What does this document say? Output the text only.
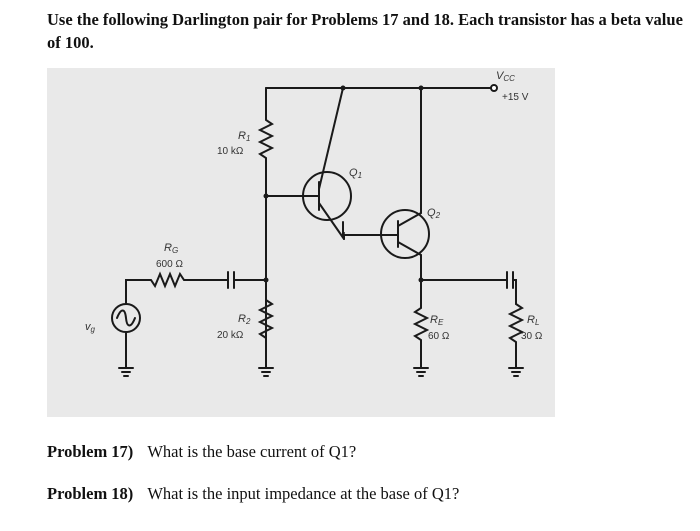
Use the following Darlington pair for Problems 17 and 18. Each transistor has a beta value of 100.
VCC
+15 V
R1
10 kΩ
R2
20 kΩ
RG
600 Ω
RE
60 Ω
RL
30 Ω
Q1
Q2
vg
Problem 17) What is the base current of Q1?
Problem 18) What is the input impedance at the base of Q1?
